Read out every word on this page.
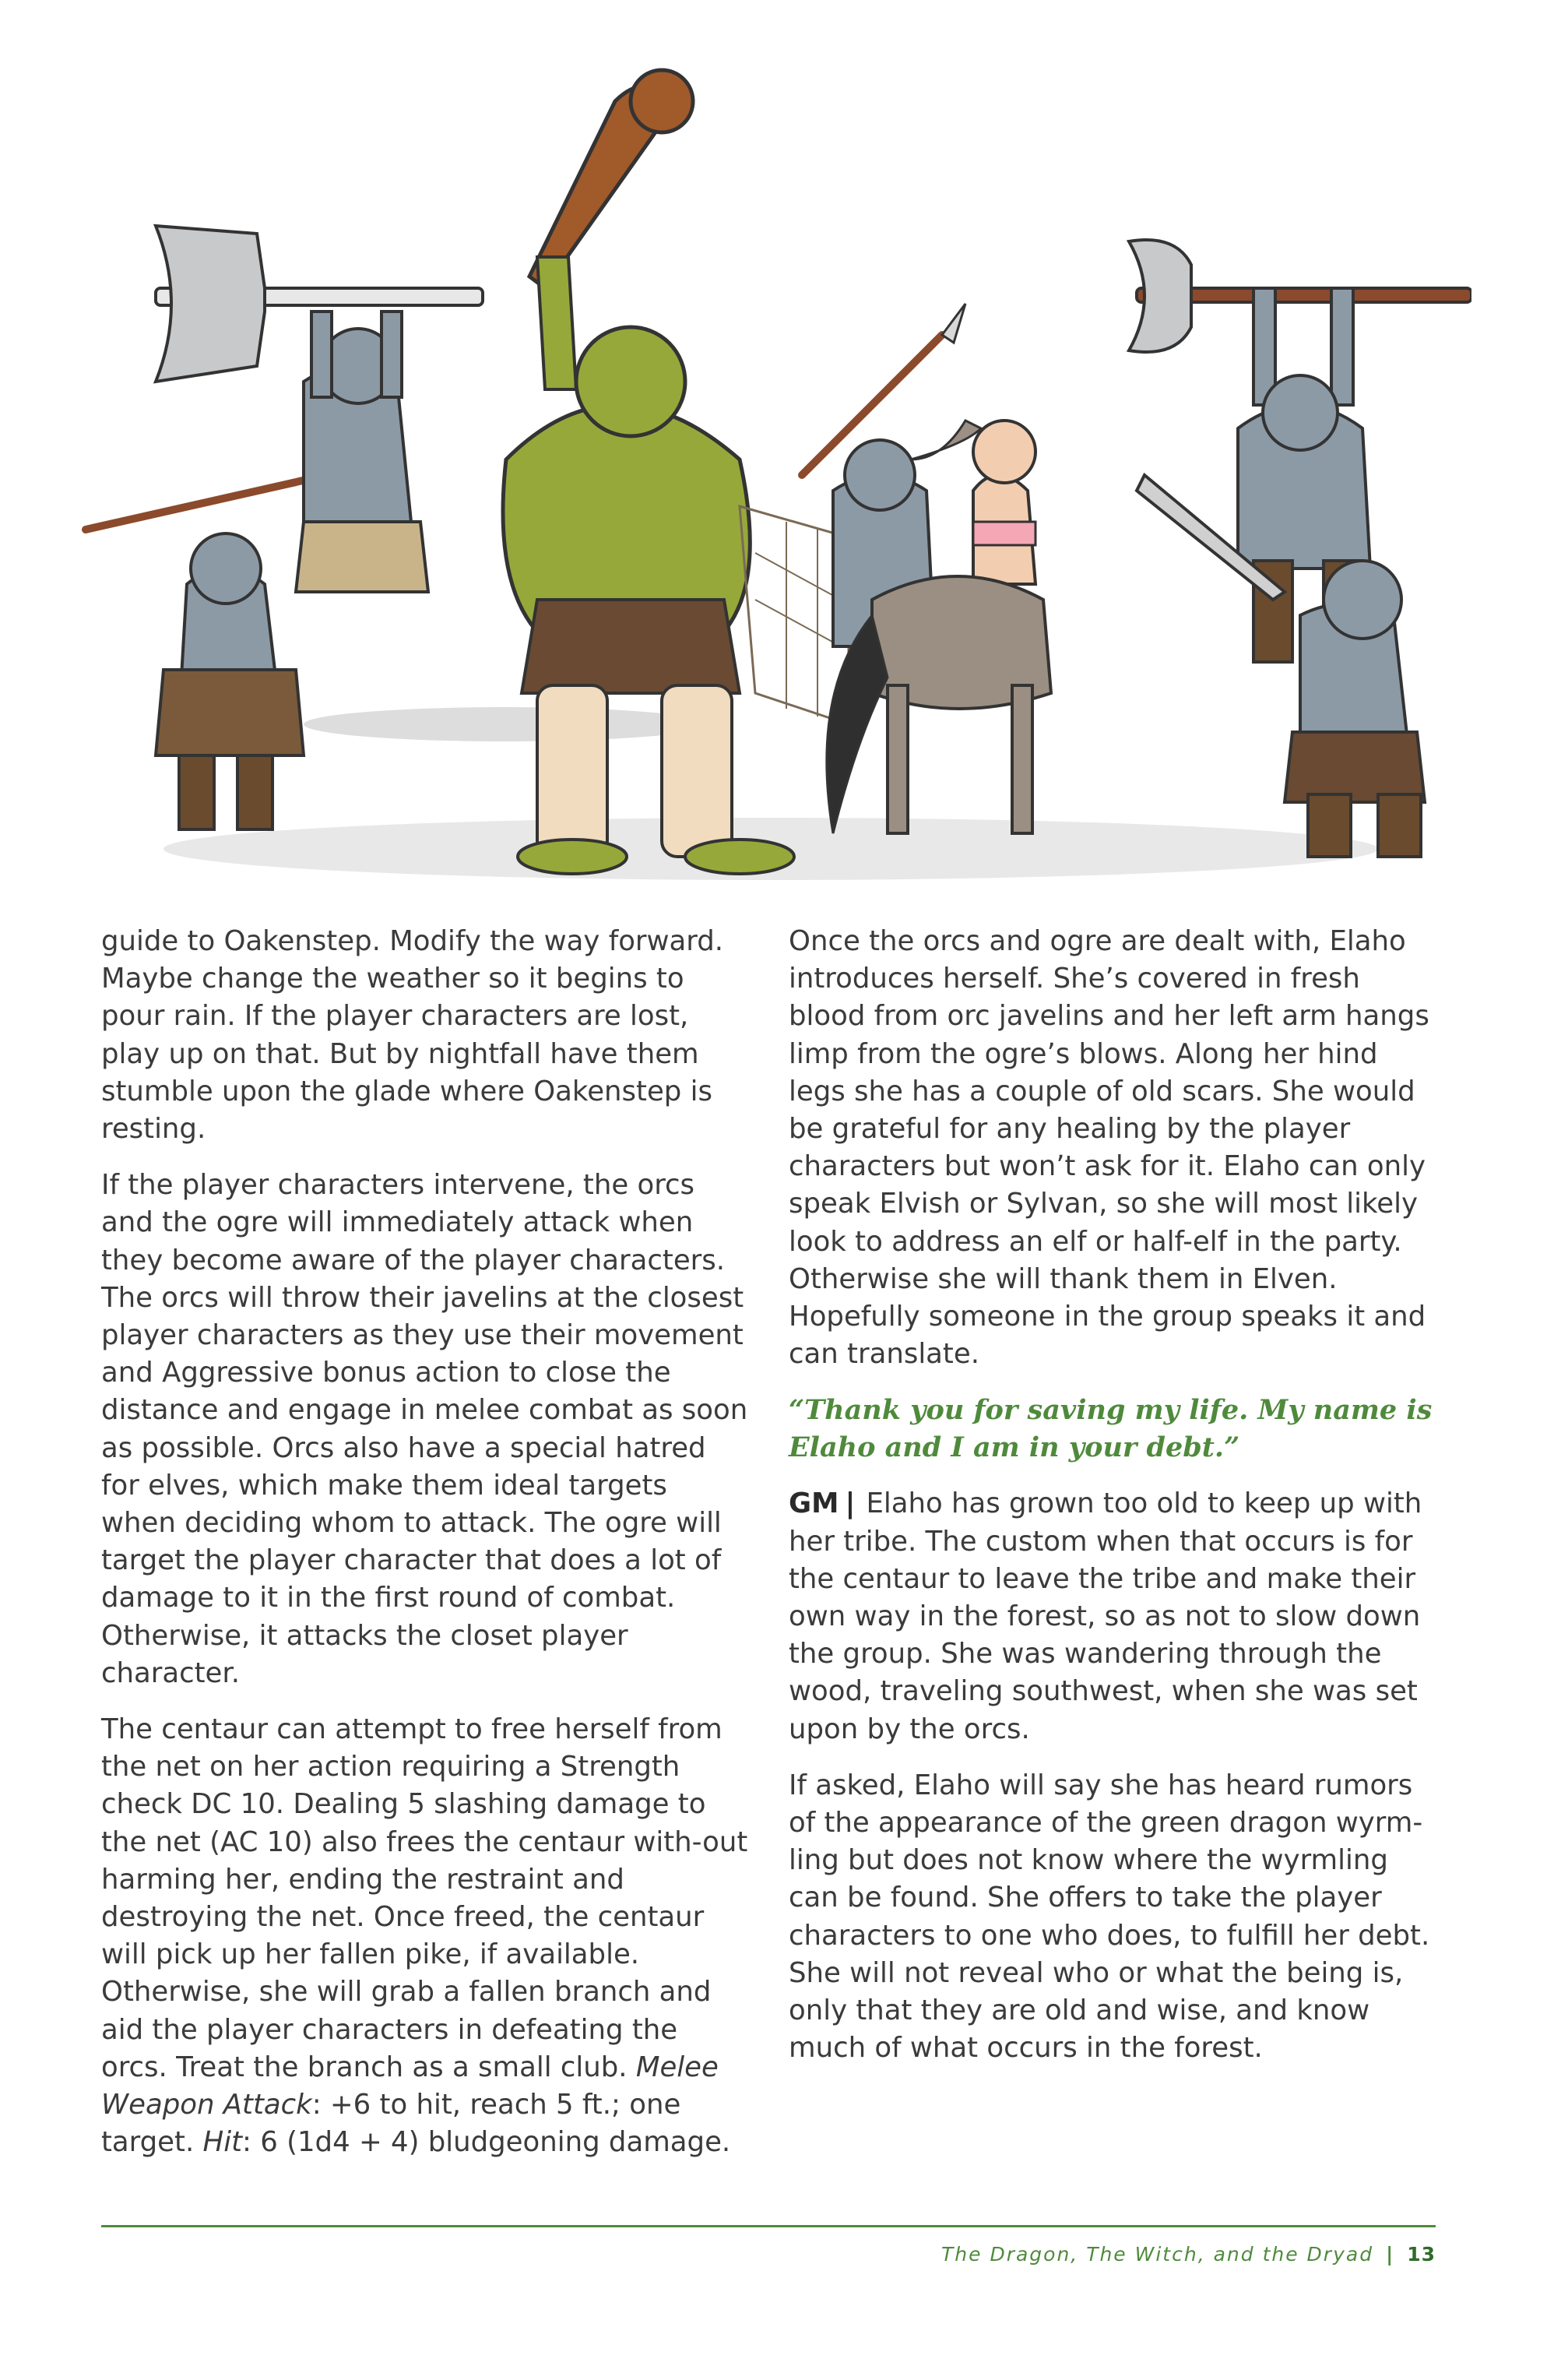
guide to Oakenstep. Modify the way forward. Maybe change the weather so it begins to pour rain. If the player characters are lost, play up on that. But by nightfall have them stumble upon the glade where Oakenstep is resting.

If the player characters intervene, the orcs and the ogre will immediately attack when they become aware of the player characters. The orcs will throw their javelins at the closest player characters as they use their movement and Aggressive bonus action to close the distance and engage in melee combat as soon as possible. Orcs also have a special hatred for elves, which make them ideal targets when deciding whom to attack. The ogre will target the player character that does a lot of damage to it in the first round of combat. Otherwise, it attacks the closet player character.

The centaur can attempt to free herself from the net on her action requiring a Strength check DC 10. Dealing 5 slashing damage to the net (AC 10) also frees the centaur with-out harming her, ending the restraint and destroying the net. Once freed, the centaur will pick up her fallen pike, if available. Otherwise, she will grab a fallen branch and aid the player characters in defeating the orcs. Treat the branch as a small club. Melee Weapon Attack: +6 to hit, reach 5 ft.; one target. Hit: 6 (1d4 + 4) bludgeoning damage.

Once the orcs and ogre are dealt with, Elaho introduces herself. She’s covered in fresh blood from orc javelins and her left arm hangs limp from the ogre’s blows. Along her hind legs she has a couple of old scars. She would be grateful for any healing by the player characters but won’t ask for it. Elaho can only speak Elvish or Sylvan, so she will most likely look to address an elf or half-elf in the party. Otherwise she will thank them in Elven. Hopefully someone in the group speaks it and can translate.

“Thank you for saving my life. My name is Elaho and I am in your debt.”

GM | Elaho has grown too old to keep up with her tribe. The custom when that occurs is for the centaur to leave the tribe and make their own way in the forest, so as not to slow down the group. She was wandering through the wood, traveling southwest, when she was set upon by the orcs.

If asked, Elaho will say she has heard rumors of the appearance of the green dragon wyrm-ling but does not know where the wyrmling can be found. She offers to take the player characters to one who does, to fulfill her debt. She will not reveal who or what the being is, only that they are old and wise, and know much of what occurs in the forest.

The Dragon, The Witch, and the Dryad | 13
